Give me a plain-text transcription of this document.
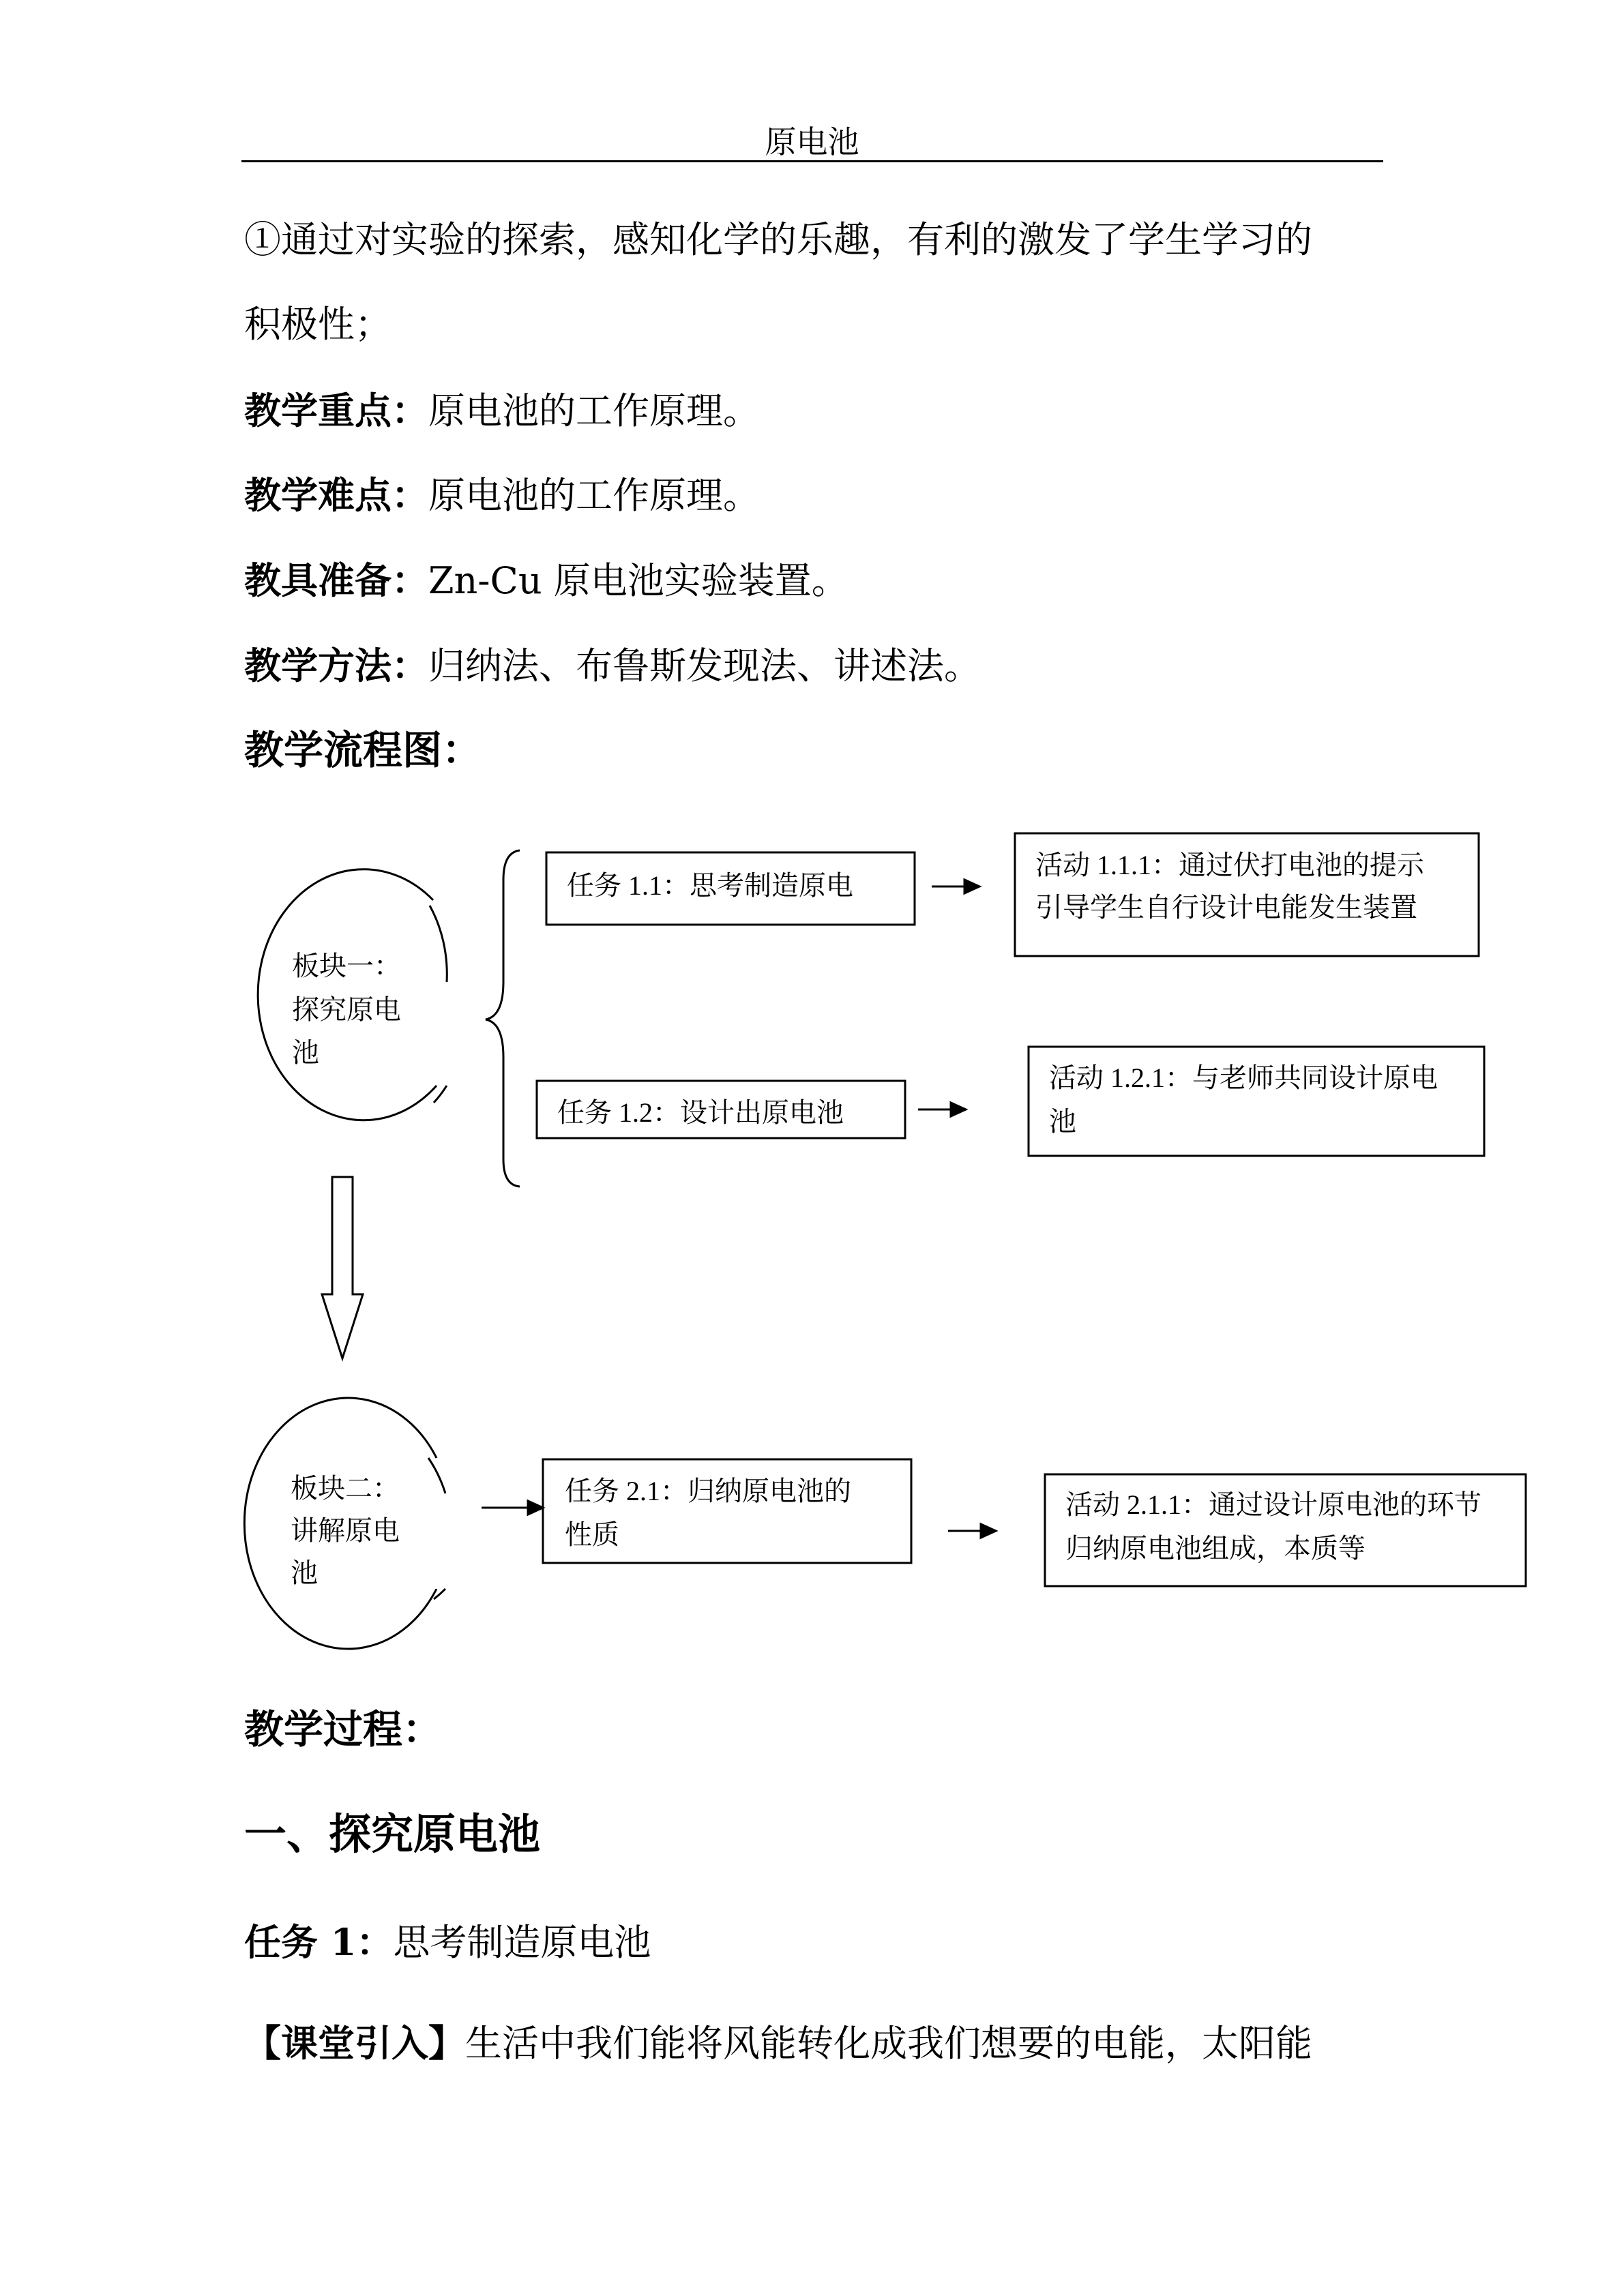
原电池
①通过对实验的探索，感知化学的乐趣，有利的激发了学生学习的
积极性；
教学重点：原电池的工作原理。
教学难点：原电池的工作原理。
教具准备：Zn-Cu 原电池实验装置。
教学方法：归纳法、布鲁斯发现法、讲述法。
教学流程图：
板块一：
探究原电
池
板块二：
讲解原电
池
任务 1.1：思考制造原电
任务 1.2：设计出原电池
任务 2.1：归纳原电池的
性质
活动 1.1.1：通过伏打电池的提示
引导学生自行设计电能发生装置
活动 1.2.1：与老师共同设计原电
池
活动 2.1.1：通过设计原电池的环节
归纳原电池组成，本质等
教学过程：
一、探究原电池
任务 1：思考制造原电池
【课堂引入】生活中我们能将风能转化成我们想要的电能，太阳能
